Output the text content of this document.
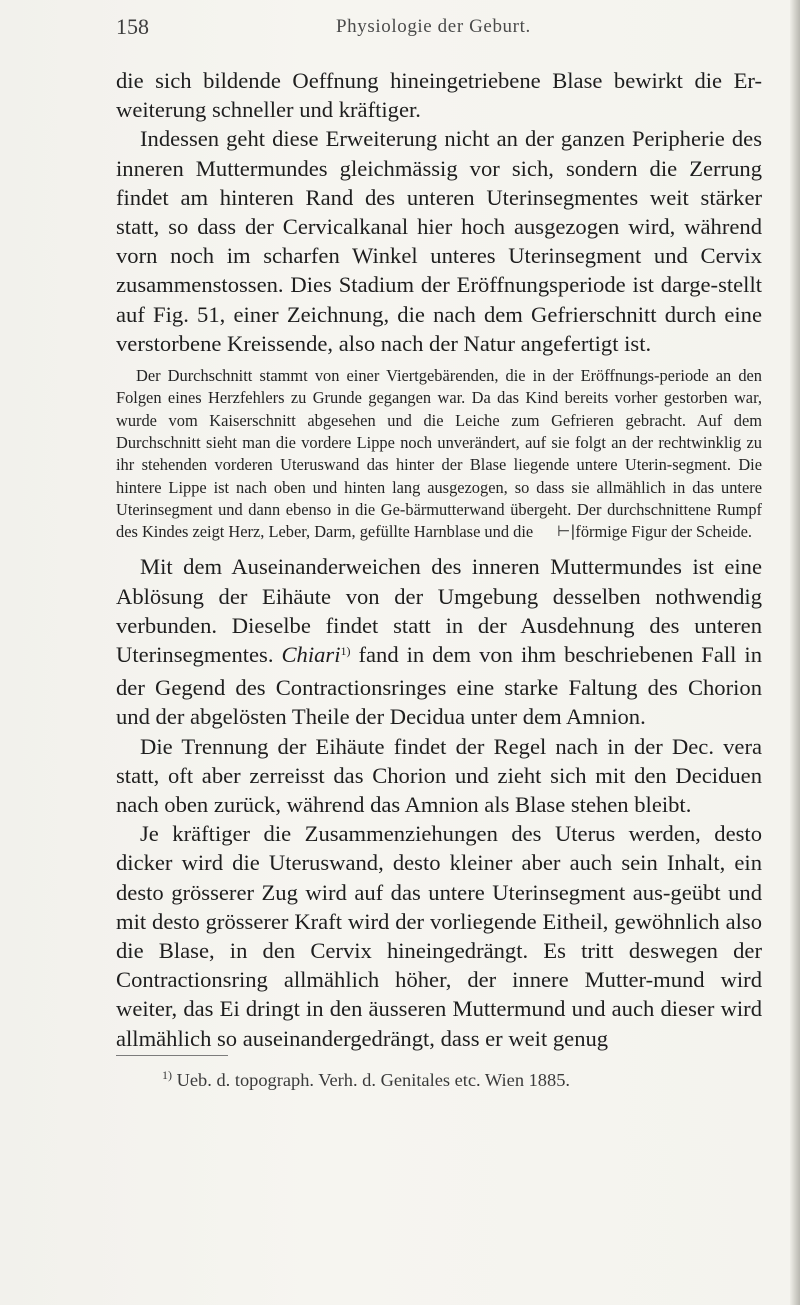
158	Physiologie der Geburt.

die sich bildende Oeffnung hineingetriebene Blase bewirkt die Er-weiterung schneller und kräftiger.

Indessen geht diese Erweiterung nicht an der ganzen Peripherie des inneren Muttermundes gleichmässig vor sich, sondern die Zerrung findet am hinteren Rand des unteren Uterinsegmentes weit stärker statt, so dass der Cervicalkanal hier hoch ausgezogen wird, während vorn noch im scharfen Winkel unteres Uterinsegment und Cervix zusammenstossen. Dies Stadium der Eröffnungsperiode ist darge-stellt auf Fig. 51, einer Zeichnung, die nach dem Gefrierschnitt durch eine verstorbene Kreissende, also nach der Natur angefertigt ist.

Der Durchschnitt stammt von einer Viertgebärenden, die in der Eröffnungs-periode an den Folgen eines Herzfehlers zu Grunde gegangen war. Da das Kind bereits vorher gestorben war, wurde vom Kaiserschnitt abgesehen und die Leiche zum Gefrieren gebracht. Auf dem Durchschnitt sieht man die vordere Lippe noch unverändert, auf sie folgt an der rechtwinklig zu ihr stehenden vorderen Uteruswand das hinter der Blase liegende untere Uterin-segment. Die hintere Lippe ist nach oben und hinten lang ausgezogen, so dass sie allmählich in das untere Uterinsegment und dann ebenso in die Ge-bärmutterwand übergeht. Der durchschnittene Rumpf des Kindes zeigt Herz, Leber, Darm, gefüllte Harnblase und die ⊢|förmige Figur der Scheide.

Mit dem Auseinanderweichen des inneren Muttermundes ist eine Ablösung der Eihäute von der Umgebung desselben nothwendig verbunden. Dieselbe findet statt in der Ausdehnung des unteren Uterinsegmentes. Chiari$^{1)}$ fand in dem von ihm beschriebenen Fall in der Gegend des Contractionsringes eine starke Faltung des Chorion und der abgelösten Theile der Decidua unter dem Amnion.

Die Trennung der Eihäute findet der Regel nach in der Dec. vera statt, oft aber zerreisst das Chorion und zieht sich mit den Deciduen nach oben zurück, während das Amnion als Blase stehen bleibt.

Je kräftiger die Zusammenziehungen des Uterus werden, desto dicker wird die Uteruswand, desto kleiner aber auch sein Inhalt, ein desto grösserer Zug wird auf das untere Uterinsegment aus-geübt und mit desto grösserer Kraft wird der vorliegende Eitheil, gewöhnlich also die Blase, in den Cervix hineingedrängt. Es tritt deswegen der Contractionsring allmählich höher, der innere Mutter-mund wird weiter, das Ei dringt in den äusseren Muttermund und auch dieser wird allmählich so auseinandergedrängt, dass er weit genug

$^{1)}$ Ueb. d. topograph. Verh. d. Genitales etc. Wien 1885.
